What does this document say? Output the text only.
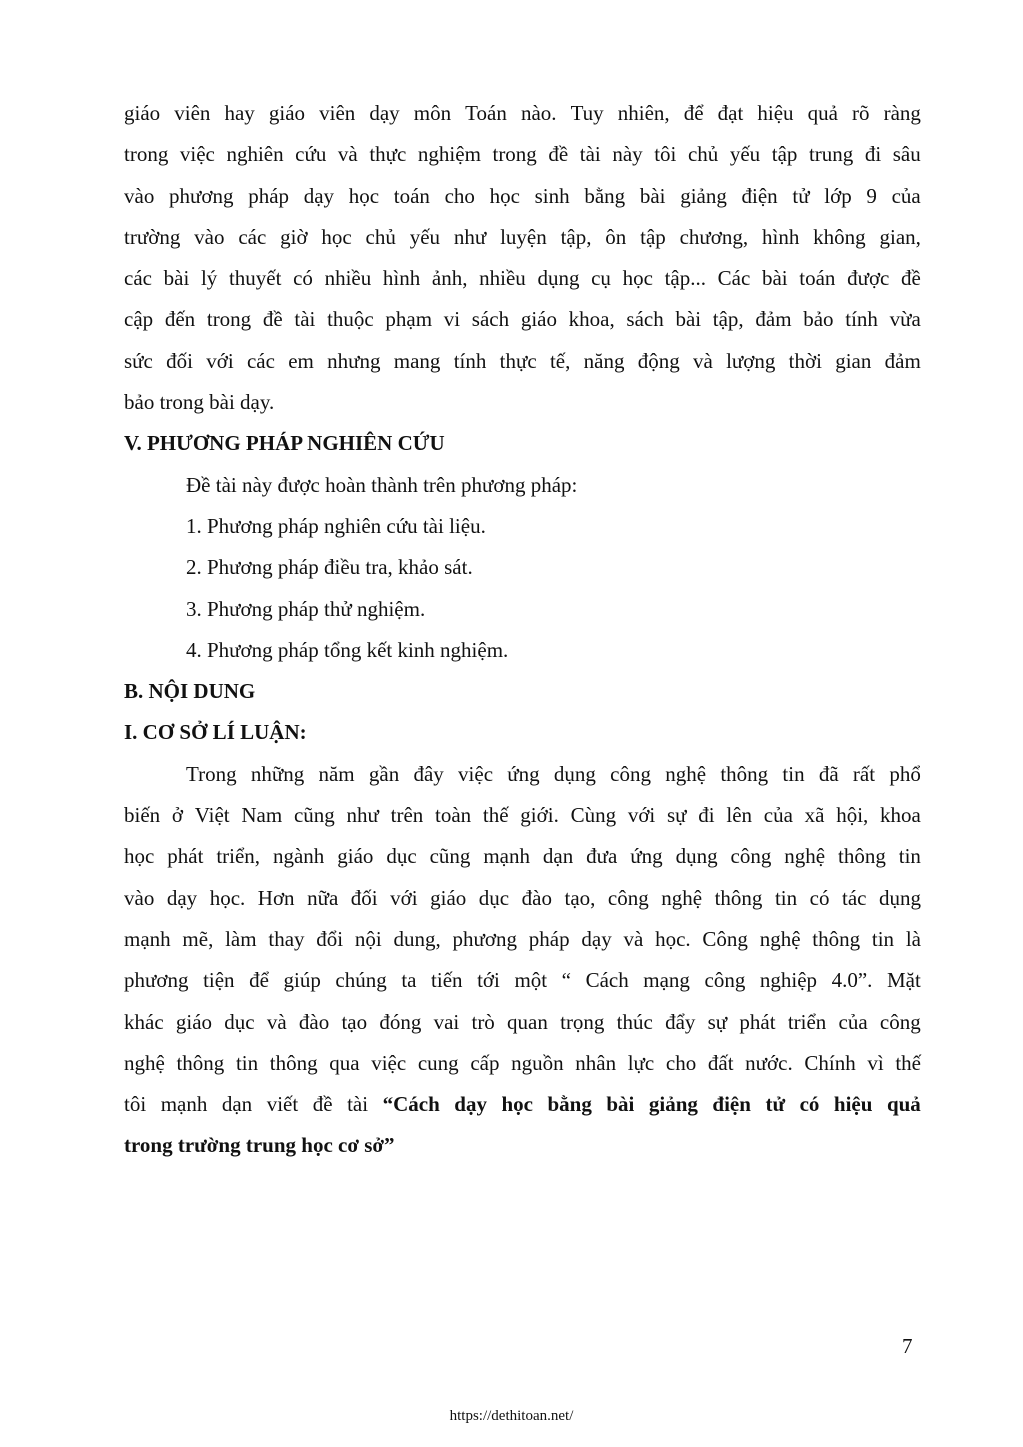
giáo viên hay giáo viên dạy môn Toán nào. Tuy nhiên, để đạt hiệu quả rõ ràng
trong việc nghiên cứu và thực nghiệm trong đề tài này tôi chủ yếu tập trung đi sâu
vào phương pháp dạy học toán cho học sinh bằng bài giảng điện tử lớp 9 của
trường vào các giờ học chủ yếu như luyện tập, ôn tập chương, hình không gian,
các bài lý thuyết có nhiều hình ảnh, nhiều dụng cụ học tập... Các bài toán được đề
cập đến trong đề tài thuộc phạm vi sách giáo khoa, sách bài tập, đảm bảo tính vừa
sức đối với các em nhưng mang tính thực tế, năng động và lượng thời gian đảm
bảo trong bài dạy.
V. PHƯƠNG PHÁP NGHIÊN CỨU
Đề tài này được hoàn thành trên phương pháp:
1. Phương pháp nghiên cứu tài liệu.
2. Phương pháp điều tra, khảo sát.
3. Phương pháp thử nghiệm.
4. Phương pháp tổng kết kinh nghiệm.
B. NỘI DUNG
I. CƠ SỞ LÍ LUẬN:
Trong những năm gần đây việc ứng dụng công nghệ thông tin đã rất phổ
biến ở Việt Nam cũng như trên toàn thế giới. Cùng với sự đi lên của xã hội, khoa
học phát triển, ngành giáo dục cũng mạnh dạn đưa ứng dụng công nghệ thông tin
vào dạy học. Hơn nữa đối với giáo dục đào tạo, công nghệ thông tin có tác dụng
mạnh mẽ, làm thay đổi nội dung, phương pháp dạy và học. Công nghệ thông tin là
phương tiện để giúp chúng ta tiến tới một “ Cách mạng công nghiệp 4.0”. Mặt
khác giáo dục và đào tạo đóng vai trò quan trọng thúc đẩy sự phát triển của công
nghệ thông tin thông qua việc cung cấp nguồn nhân lực cho đất nước. Chính vì thế
tôi mạnh dạn viết đề tài “Cách dạy học bằng bài giảng điện tử có hiệu quả
trong trường trung học cơ sở”
7
https://dethitoan.net/
